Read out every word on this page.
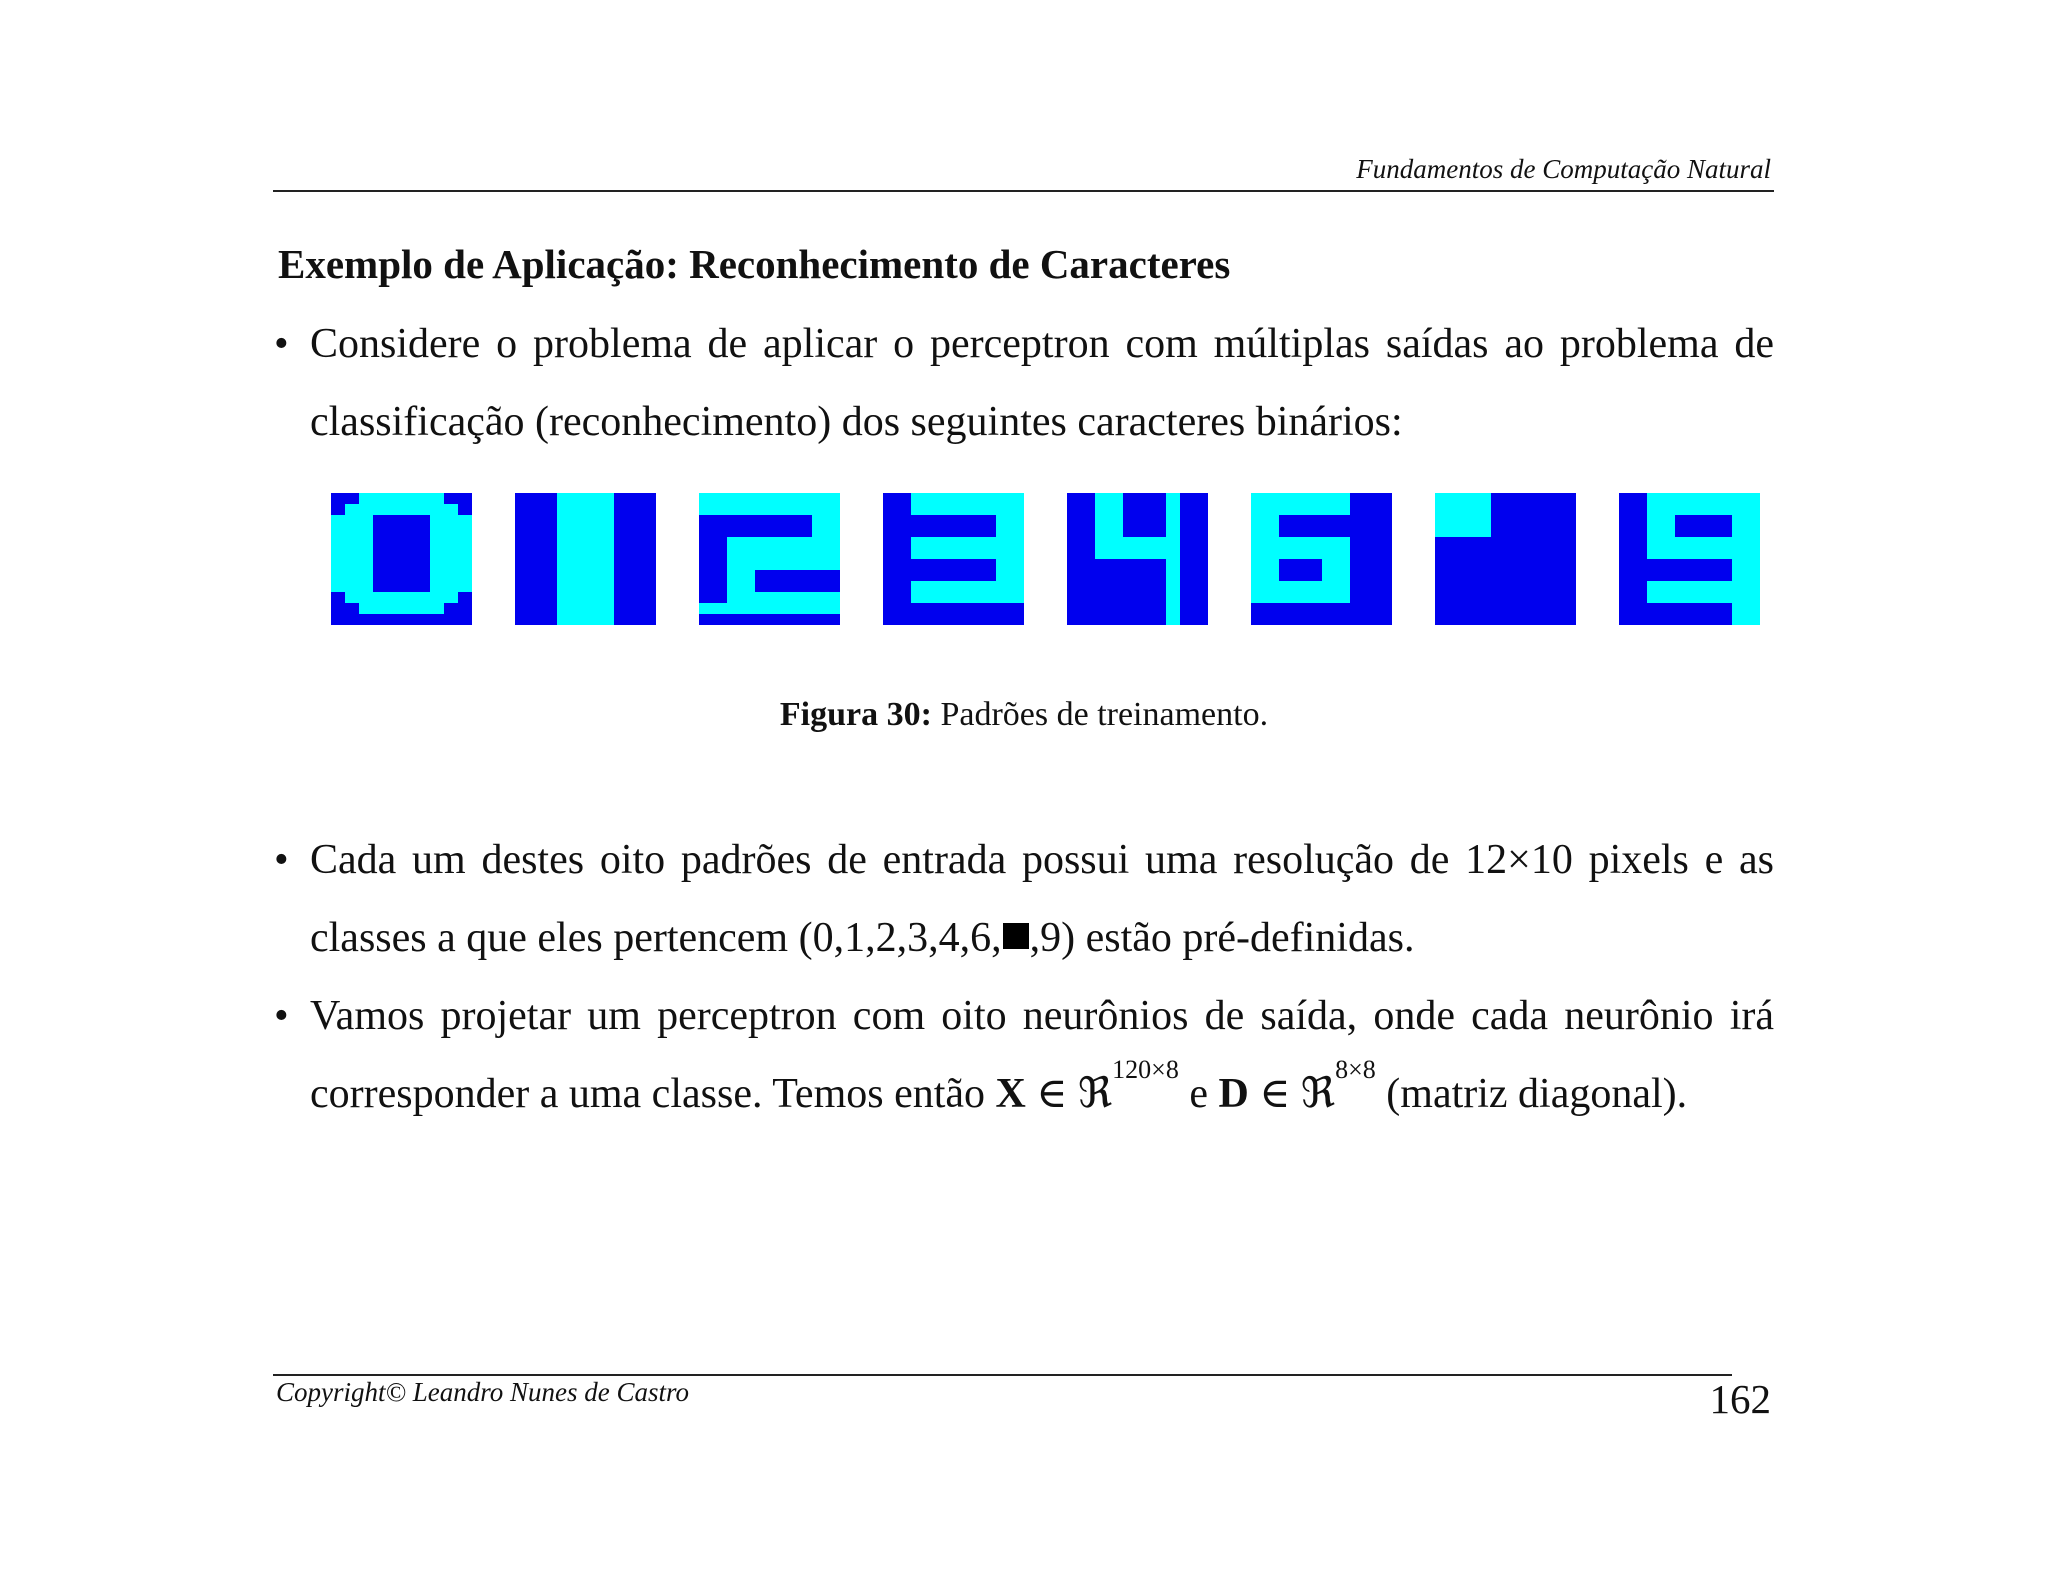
Fundamentos de Computação Natural
Exemplo de Aplicação: Reconhecimento de Caracteres
• Considere o problema de aplicar o perceptron com múltiplas saídas ao problema de
classificação (reconhecimento) dos seguintes caracteres binários:
Figura 30: Padrões de treinamento.
• Cada um destes oito padrões de entrada possui uma resolução de 12×10 pixels e as
classes a que eles pertencem (0,1,2,3,4,6, ,9) estão pré-definidas.
• Vamos projetar um perceptron com oito neurônios de saída, onde cada neurônio irá
corresponder a uma classe. Temos então X ∈ ℜ$^{120\times 8}$ e D ∈ ℜ$^{8\times 8}$ (matriz diagonal).
Copyright© Leandro Nunes de Castro	162
